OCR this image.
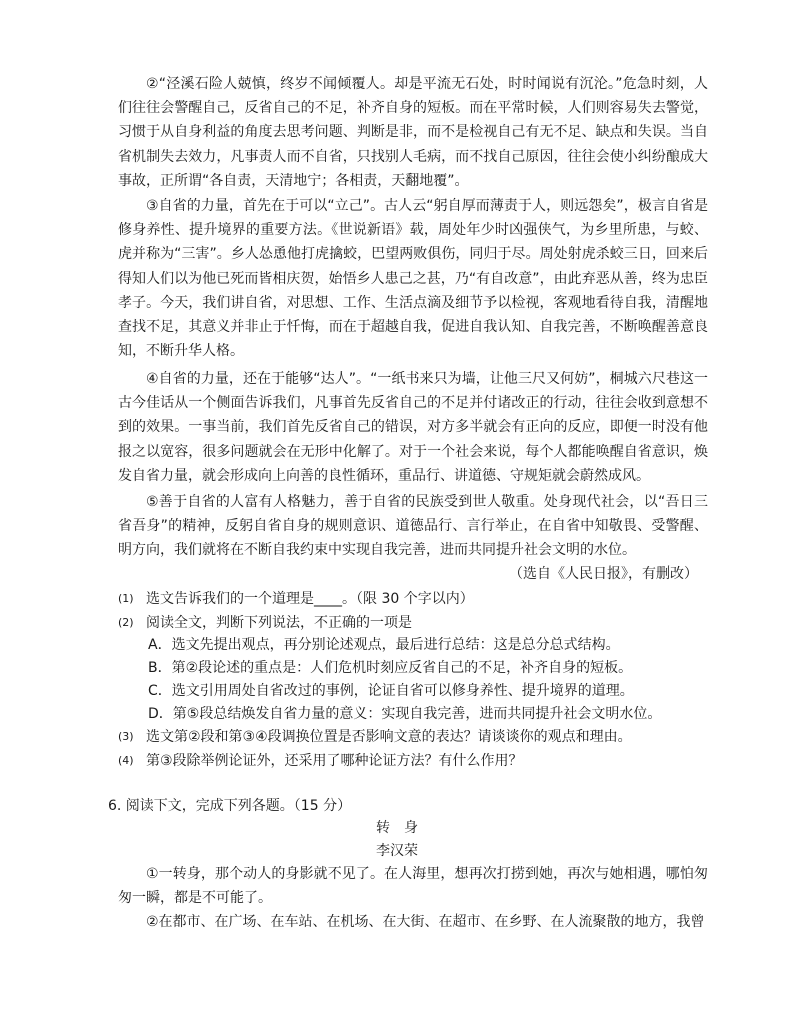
②“泾溪石险人兢慎，终岁不闻倾覆人。却是平流无石处，时时闻说有沉沦。”危急时刻，人们往往会警醒自己，反省自己的不足，补齐自身的短板。而在平常时候，人们则容易失去警觉，习惯于从自身利益的角度去思考问题、判断是非，而不是检视自己有无不足、缺点和失误。当自省机制失去效力，凡事责人而不自省，只找别人毛病，而不找自己原因，往往会使小纠纷酿成大事故，正所谓“各自责，天清地宁；各相责，天翻地覆”。

③自省的力量，首先在于可以“立己”。古人云“躬自厚而薄责于人，则远怨矣”，极言自省是修身养性、提升境界的重要方法。《世说新语》载，周处年少时凶强侠气，为乡里所患，与蛟、虎并称为“三害”。乡人怂恿他打虎擒蛟，巴望两败俱伤，同归于尽。周处射虎杀蛟三日，回来后得知人们以为他已死而皆相庆贺，始悟乡人患己之甚，乃“有自改意”，由此弃恶从善，终为忠臣孝子。今天，我们讲自省，对思想、工作、生活点滴及细节予以检视，客观地看待自我，清醒地查找不足，其意义并非止于忏悔，而在于超越自我，促进自我认知、自我完善，不断唤醒善意良知，不断升华人格。

④自省的力量，还在于能够“达人”。“一纸书来只为墙，让他三尺又何妨”，桐城六尺巷这一古今佳话从一个侧面告诉我们，凡事首先反省自己的不足并付诸改正的行动，往往会收到意想不到的效果。一事当前，我们首先反省自己的错误，对方多半就会有正向的反应，即便一时没有他报之以宽容，很多问题就会在无形中化解了。对于一个社会来说，每个人都能唤醒自省意识，焕发自省力量，就会形成向上向善的良性循环，重品行、讲道德、守规矩就会蔚然成风。

⑤善于自省的人富有人格魅力，善于自省的民族受到世人敬重。处身现代社会，以“吾日三省吾身”的精神，反躬自省自身的规则意识、道德品行、言行举止，在自省中知敬畏、受警醒、明方向，我们就将在不断自我约束中实现自我完善，进而共同提升社会文明的水位。

（选自《人民日报》，有删改）
(1) 选文告诉我们的一个道理是____。（限 30 个字以内）
(2) 阅读全文，判断下列说法，不正确的一项是
A．选文先提出观点，再分别论述观点，最后进行总结：这是总分总式结构。
B．第②段论述的重点是：人们危机时刻应反省自己的不足，补齐自身的短板。
C．选文引用周处自省改过的事例，论证自省可以修身养性、提升境界的道理。
D．第⑤段总结焕发自省力量的意义：实现自我完善，进而共同提升社会文明水位。
(3) 选文第②段和第③④段调换位置是否影响文意的表达？请谈谈你的观点和理由。
(4) 第③段除举例论证外，还采用了哪种论证方法？有什么作用？
6. 阅读下文，完成下列各题。（15 分）
转身
李汉荣

①一转身，那个动人的身影就不见了。在人海里，想再次打捞到她，再次与她相遇，哪怕匆匆一瞬，都是不可能了。

②在都市、在广场、在车站、在机场、在大街、在超市、在乡野、在人流聚散的地方，我曾
